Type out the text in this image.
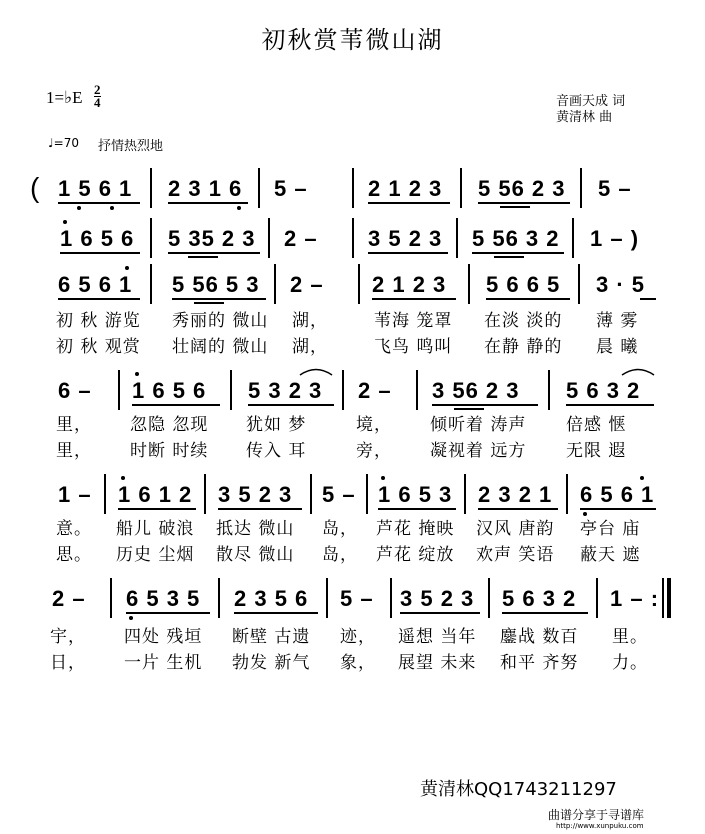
初秋赏苇微山湖
1=♭E 2
4	音画天成 词
黄清林 曲
♩=70 抒情热烈地
( 1 5 6 1 2 3 1 6 5 –	2 1 2 3 5 56 2 3 5 –
1 6 5 6 5 35 2 3 2 – 3 5 2 3 5 56 3 2 1 – )
6 5 6 1 5 56 5 3 2 – 2 1 2 3 5 6 6 5 3 · 5
初 秋 游览 秀丽的 微山 湖，	苇海 笼罩 在淡 淡的 薄 雾
初 秋 观赏 壮阔的 微山 湖，	飞鸟 鸣叫 在静 静的 晨 曦
6 – 1 6 5 6 5 3 2 3 2 – 3 56 2 3 5 6 3 2
里， 忽隐 忽现 犹如 梦	境， 倾听着 涛声 倍感 惬
里， 时断 时续 传入 耳	旁， 凝视着 远方 无限 遐
1 – 1 6 1 2 3 5 2 3 5 – 1 6 5 3 2 3 2 1 6 5 6 1
意。 船儿 破浪 抵达 微山 岛， 芦花 掩映 汉风 唐韵 亭台 庙
思。 历史 尘烟 散尽 微山 岛， 芦花 绽放 欢声 笑语 蔽天 遮
2 – 6 5 3 5 2 3 5 6 5 – 3 5 2 3 5 6 3 2 1 – :
宇， 四处 残垣 断壁 古遗 迹， 遥想 当年 鏖战 数百 里。
日， 一片 生机 勃发 新气 象， 展望 未来 和平 齐努 力。
黄清林QQ1743211297
曲谱分享于寻谱库
http://www.xunpuku.com
